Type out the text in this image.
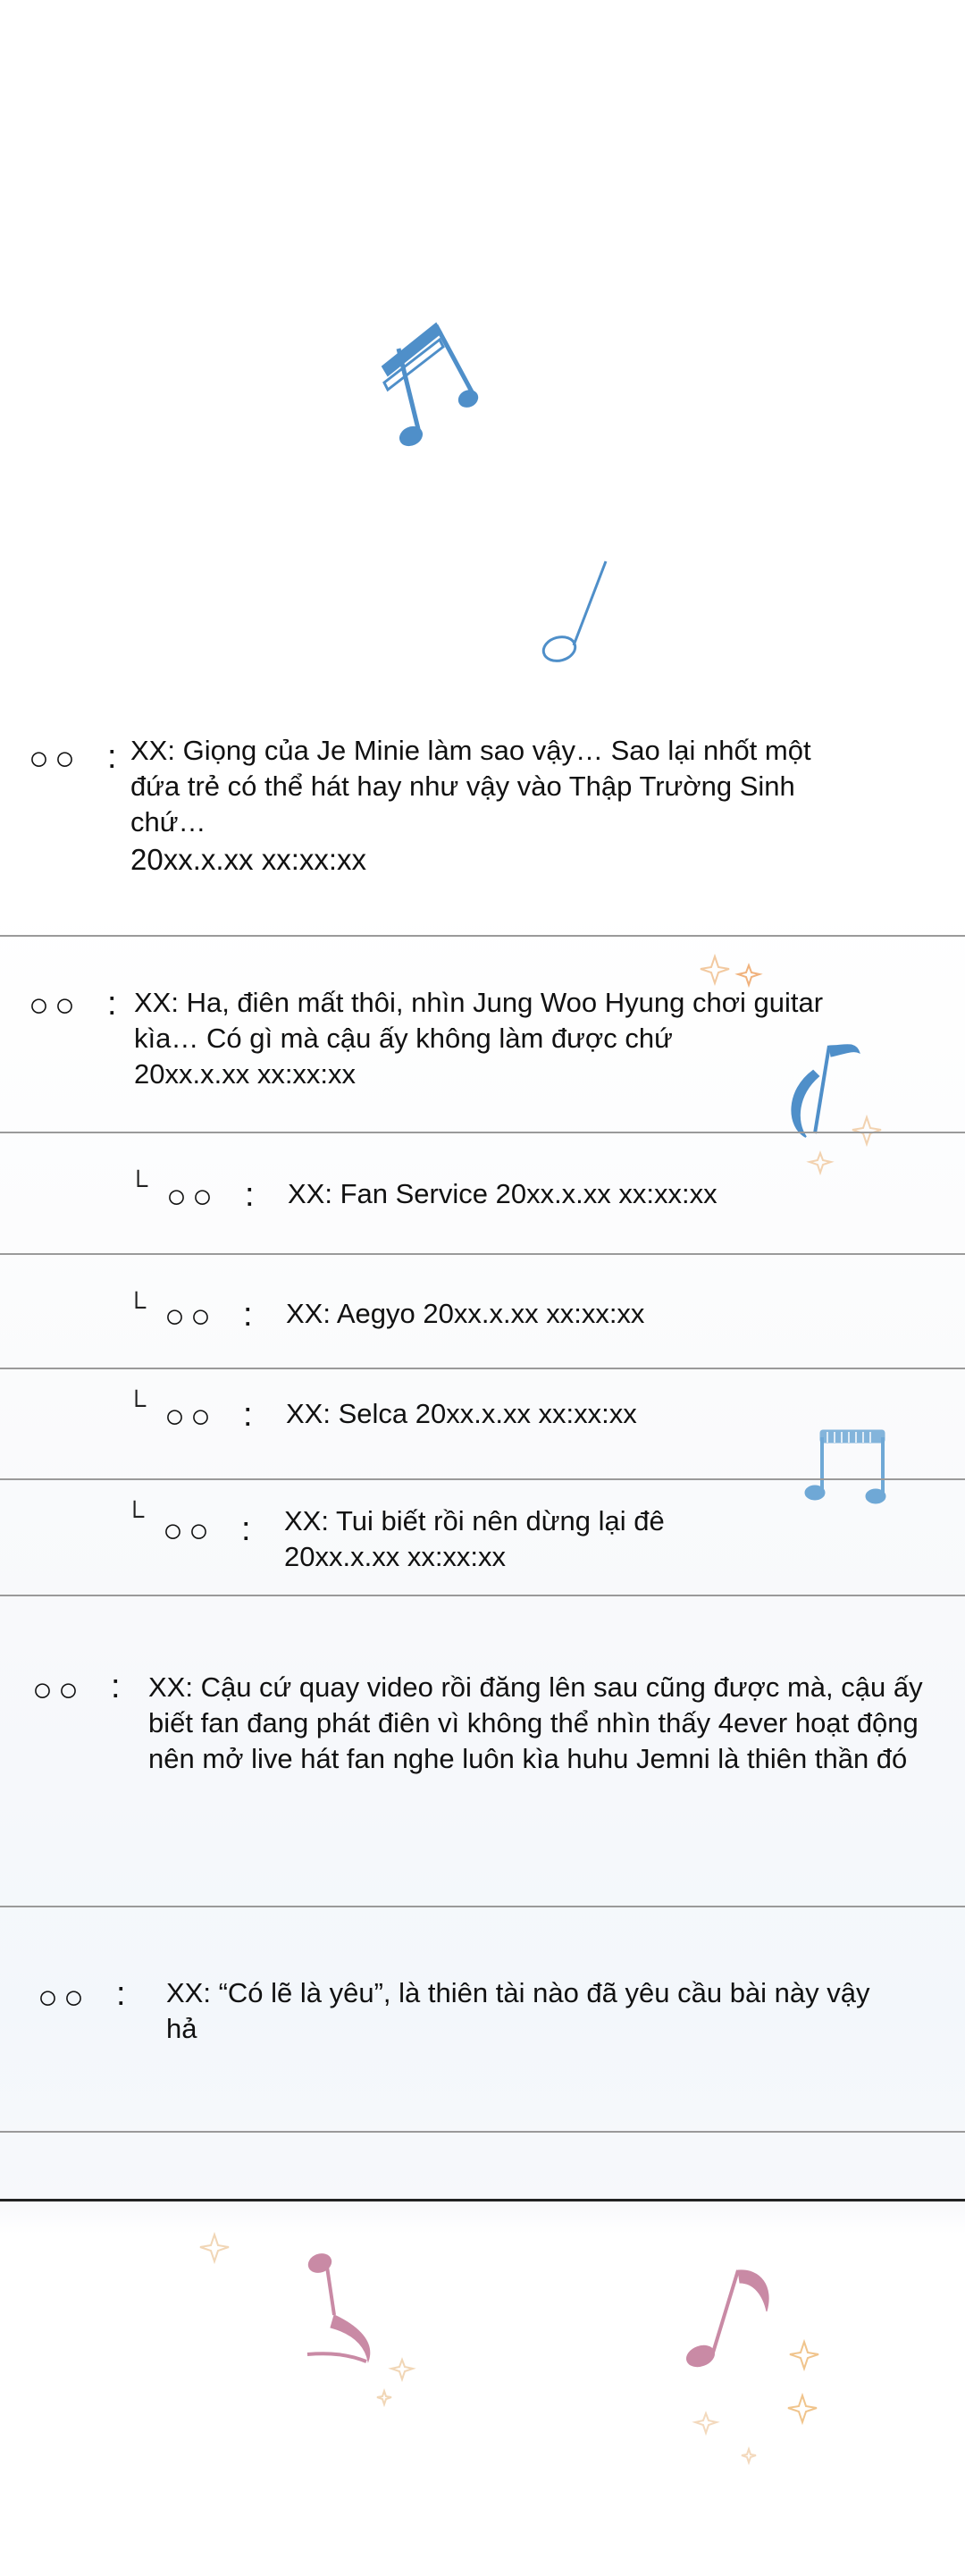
○○ : XX: Giọng của Je Minie làm sao vậy… Sao lại nhốt một đứa trẻ có thể hát hay như vậy vào Thập Trường Sinh chứ…
20xx.x.xx xx:xx:xx
○○ : XX: Ha, điên mất thôi, nhìn Jung Woo Hyung chơi guitar kìa… Có gì mà cậu ấy không làm được chứ
20xx.x.xx xx:xx:xx
└ ○○ : XX: Fan Service 20xx.x.xx xx:xx:xx
└ ○○ : XX: Aegyo 20xx.x.xx xx:xx:xx
└ ○○ : XX: Selca 20xx.x.xx xx:xx:xx
└ ○○ : XX: Tui biết rồi nên dừng lại đê
20xx.x.xx xx:xx:xx
○○ : XX: Cậu cứ quay video rồi đăng lên sau cũng được mà, cậu ấy biết fan đang phát điên vì không thể nhìn thấy 4ever hoạt động nên mở live hát fan nghe luôn kìa huhu Jemni là thiên thần đó
○○ : XX: “Có lẽ là yêu”, là thiên tài nào đã yêu cầu bài này vậy hả
